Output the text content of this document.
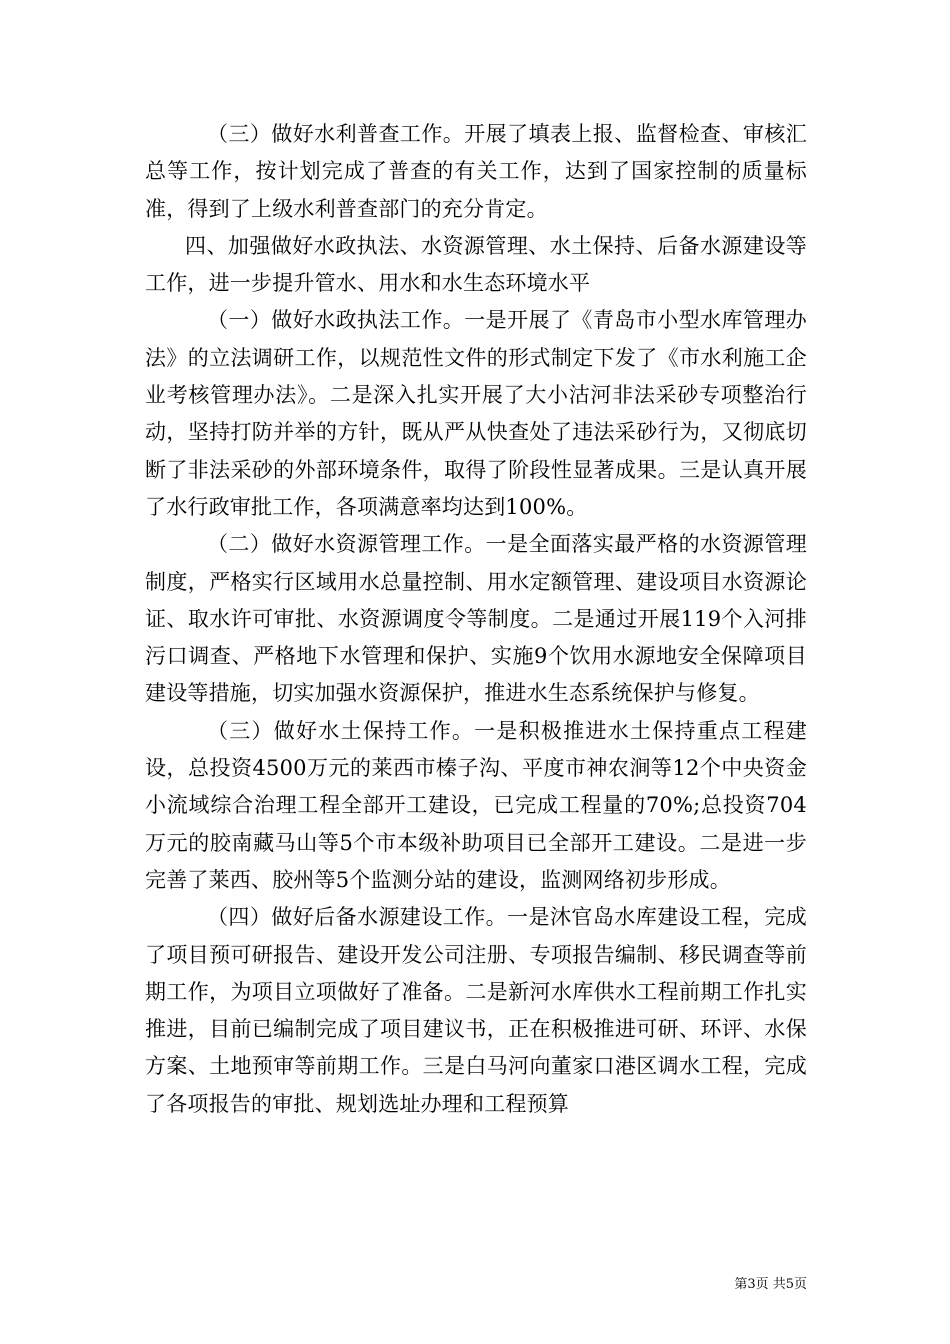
（三）做好水利普查工作。开展了填表上报、监督检查、审核汇总等工作，按计划完成了普查的有关工作，达到了国家控制的质量标准，得到了上级水利普查部门的充分肯定。

四、加强做好水政执法、水资源管理、水土保持、后备水源建设等工作，进一步提升管水、用水和水生态环境水平

（一）做好水政执法工作。一是开展了《青岛市小型水库管理办法》的立法调研工作，以规范性文件的形式制定下发了《市水利施工企业考核管理办法》。二是深入扎实开展了大小沽河非法采砂专项整治行动，坚持打防并举的方针，既从严从快查处了违法采砂行为，又彻底切断了非法采砂的外部环境条件，取得了阶段性显著成果。三是认真开展了水行政审批工作，各项满意率均达到100%。

（二）做好水资源管理工作。一是全面落实最严格的水资源管理制度，严格实行区域用水总量控制、用水定额管理、建设项目水资源论证、取水许可审批、水资源调度令等制度。二是通过开展119个入河排污口调查、严格地下水管理和保护、实施9个饮用水源地安全保障项目建设等措施，切实加强水资源保护，推进水生态系统保护与修复。

（三）做好水土保持工作。一是积极推进水土保持重点工程建设，总投资4500万元的莱西市榛子沟、平度市神农涧等12个中央资金小流域综合治理工程全部开工建设，已完成工程量的70%;总投资704万元的胶南藏马山等5个市本级补助项目已全部开工建设。二是进一步完善了莱西、胶州等5个监测分站的建设，监测网络初步形成。

（四）做好后备水源建设工作。一是沐官岛水库建设工程，完成了项目预可研报告、建设开发公司注册、专项报告编制、移民调查等前期工作，为项目立项做好了准备。二是新河水库供水工程前期工作扎实推进，目前已编制完成了项目建议书，正在积极推进可研、环评、水保方案、土地预审等前期工作。三是白马河向董家口港区调水工程，完成了各项报告的审批、规划选址办理和工程预算

第3页 共5页
